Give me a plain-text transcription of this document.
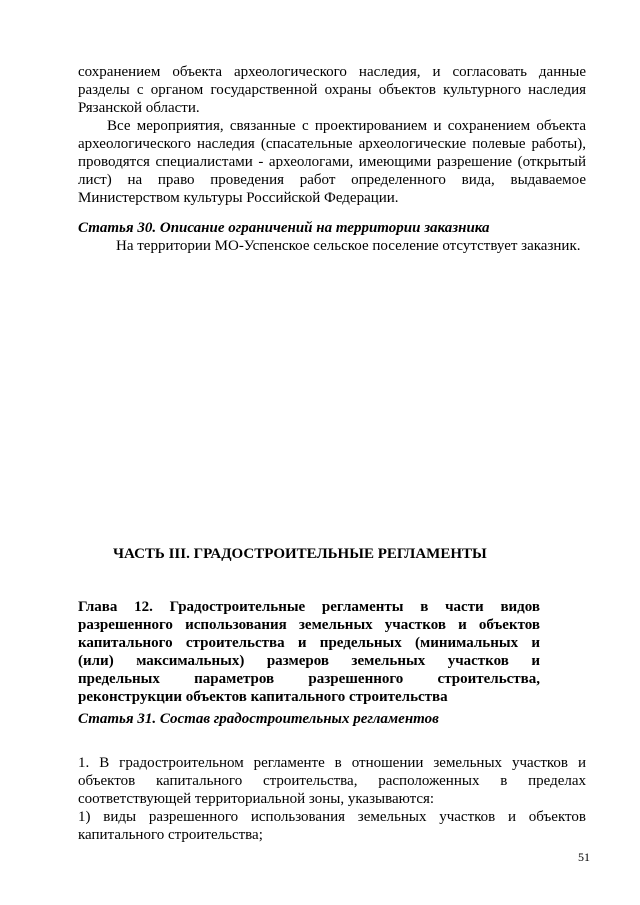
сохранением объекта археологического наследия, и согласовать данные
разделы с органом государственной охраны объектов культурного наследия
Рязанской области.
Все мероприятия, связанные с проектированием и сохранением объекта
археологического наследия (спасательные археологические полевые работы),
проводятся специалистами - археологами, имеющими разрешение (открытый
лист) на право проведения работ определенного вида, выдаваемое
Министерством культуры Российской Федерации.
Статья 30. Описание ограничений на территории заказника
На территории МО-Успенское сельское поселение отсутствует заказник.
ЧАСТЬ III. ГРАДОСТРОИТЕЛЬНЫЕ РЕГЛАМЕНТЫ
Глава 12. Градостроительные регламенты в части видов
разрешенного использования земельных участков и объектов
капитального строительства и предельных (минимальных и
(или) максимальных) размеров земельных участков и
предельных параметров разрешенного строительства,
реконструкции объектов капитального строительства
Статья 31. Состав градостроительных регламентов
1. В градостроительном регламенте в отношении земельных участков и
объектов капитального строительства, расположенных в пределах
соответствующей территориальной зоны, указываются:
1) виды разрешенного использования земельных участков и объектов
капитального строительства;
51
